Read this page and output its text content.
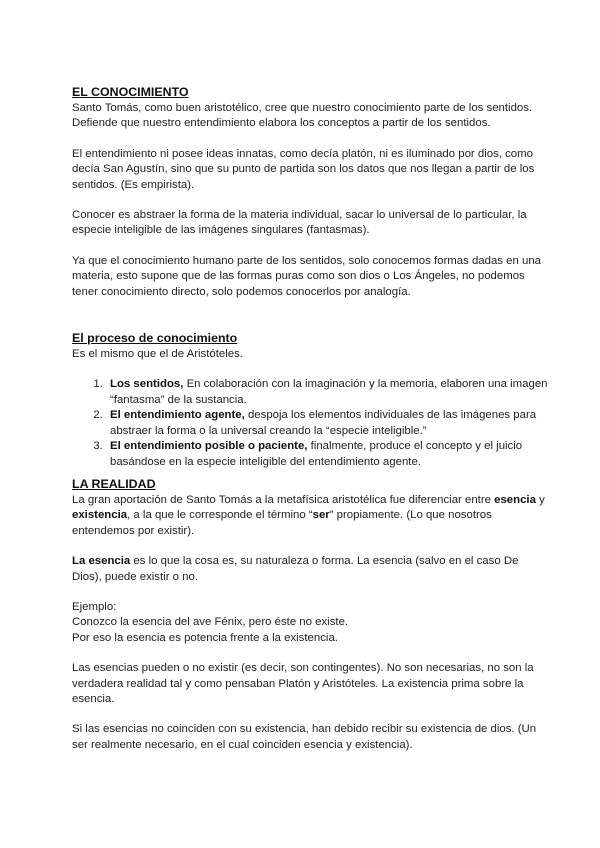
EL CONOCIMIENTO

Santo Tomás, como buen aristotélico, cree que nuestro conocimiento parte de los sentidos. Defiende que nuestro entendimiento elabora los conceptos a partir de los sentidos.

El entendimiento ni posee ideas innatas, como decía platón, ni es iluminado por dios, como decía San Agustín, sino que su punto de partida son los datos que nos llegan a partir de los sentidos. (Es empirista).

Conocer es abstraer la forma de la materia individual, sacar lo universal de lo particular, la especie inteligible de las imágenes singulares (fantasmas).

Ya que el conocimiento humano parte de los sentidos, solo conocemos formas dadas en una materia, esto supone que de las formas puras como son dios o Los Ángeles, no podemos tener conocimiento directo, solo podemos conocerlos por analogía.

El proceso de conocimiento

Es el mismo que el de Aristóteles.

1. Los sentidos, En colaboración con la imaginación y la memoria, elaboren una imagen “fantasma” de la sustancia.
2. El entendimiento agente, despoja los elementos individuales de las imágenes para abstraer la forma o la universal creando la “especie inteligible.”
3. El entendimiento posible o paciente, finalmente, produce el concepto y el juicio basándose en la especie inteligible del entendimiento agente.
LA REALIDAD

La gran aportación de Santo Tomás a la metafísica aristotélica fue diferenciar entre esencia y existencia, a la que le corresponde el término “ser” propiamente. (Lo que nosotros entendemos por existir).

La esencia es lo que la cosa es, su naturaleza o forma. La esencia (salvo en el caso De Dios), puede existir o no.

Ejemplo:

Conozco la esencia del ave Fénix, pero éste no existe.

Por eso la esencia es potencia frente a la existencia.

Las esencias pueden o no existir (es decir, son contingentes). No son necesarias, no son la verdadera realidad tal y como pensaban Platón y Aristóteles. La existencia prima sobre la esencia.

Si las esencias no coinciden con su existencia, han debido recibir su existencia de dios. (Un ser realmente necesario, en el cual coinciden esencia y existencia).
